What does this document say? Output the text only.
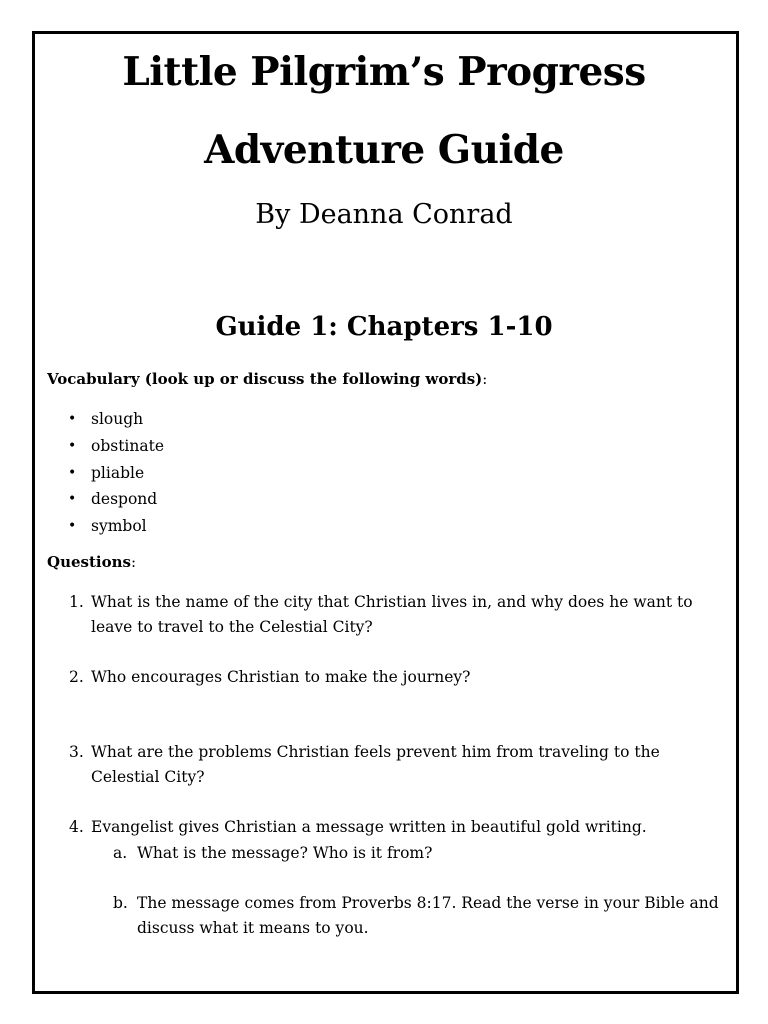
Little Pilgrim’s Progress
Adventure Guide
By Deanna Conrad
Guide 1: Chapters 1-10
Vocabulary (look up or discuss the following words):
• slough
• obstinate
• pliable
• despond
• symbol
Questions:
1. What is the name of the city that Christian lives in, and why does he want to leave to travel to the Celestial City?
2. Who encourages Christian to make the journey?
3. What are the problems Christian feels prevent him from traveling to the Celestial City?
4. Evangelist gives Christian a message written in beautiful gold writing.
a. What is the message? Who is it from?
b. The message comes from Proverbs 8:17. Read the verse in your Bible and discuss what it means to you.
